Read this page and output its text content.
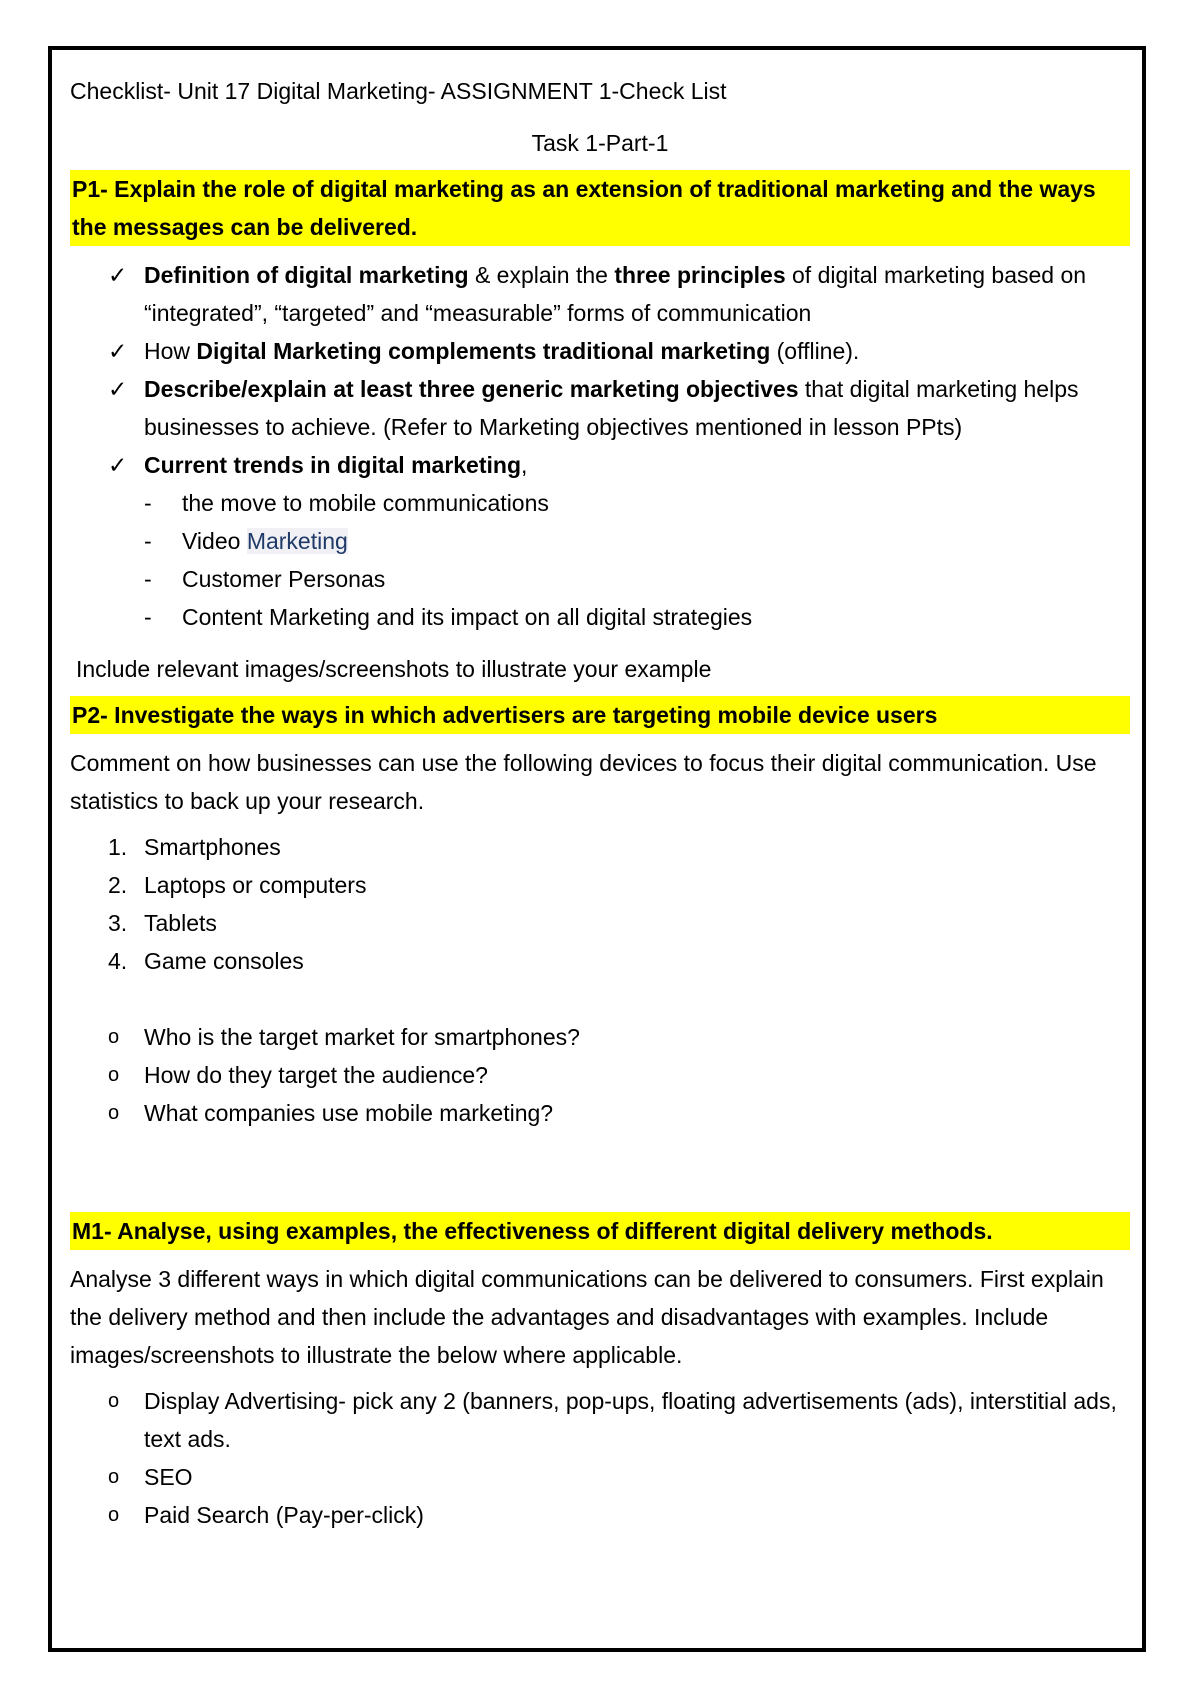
Checklist- Unit 17 Digital Marketing- ASSIGNMENT 1-Check List
Task 1-Part-1
P1- Explain the role of digital marketing as an extension of traditional marketing and the ways the messages can be delivered.
✓ Definition of digital marketing & explain the three principles of digital marketing based on “integrated”, “targeted” and “measurable” forms of communication
✓ How Digital Marketing complements traditional marketing (offline).
✓ Describe/explain at least three generic marketing objectives that digital marketing helps businesses to achieve. (Refer to Marketing objectives mentioned in lesson PPts)
✓ Current trends in digital marketing,
- the move to mobile communications
- Video Marketing
- Customer Personas
- Content Marketing and its impact on all digital strategies
Include relevant images/screenshots to illustrate your example
P2- Investigate the ways in which advertisers are targeting mobile device users
Comment on how businesses can use the following devices to focus their digital communication. Use statistics to back up your research.
1. Smartphones
2. Laptops or computers
3. Tablets
4. Game consoles
o Who is the target market for smartphones?
o How do they target the audience?
o What companies use mobile marketing?
M1- Analyse, using examples, the effectiveness of different digital delivery methods.
Analyse 3 different ways in which digital communications can be delivered to consumers. First explain the delivery method and then include the advantages and disadvantages with examples. Include images/screenshots to illustrate the below where applicable.
o Display Advertising- pick any 2 (banners, pop-ups, floating advertisements (ads), interstitial ads, text ads.
o SEO
o Paid Search (Pay-per-click)
